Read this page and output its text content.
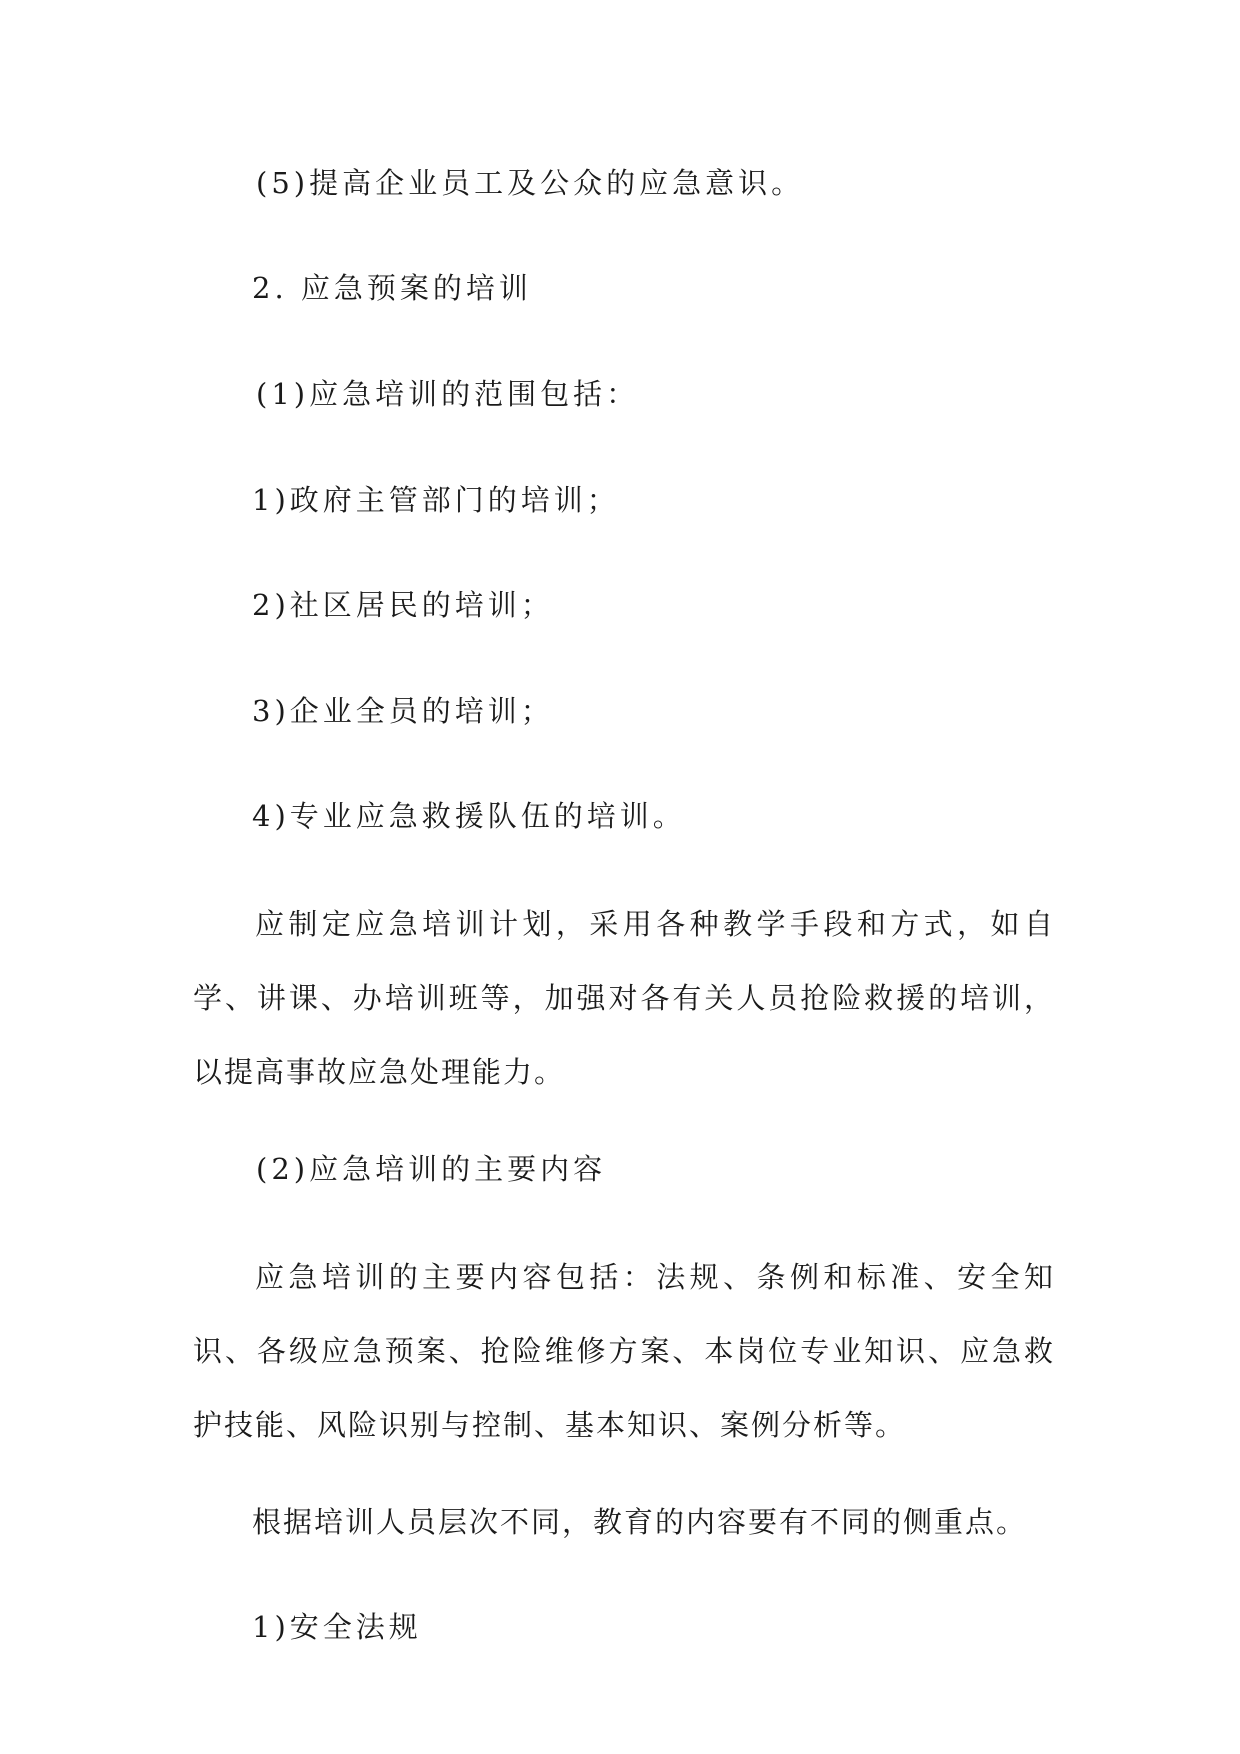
(5)提高企业员工及公众的应急意识。
2. 应急预案的培训
(1)应急培训的范围包括：
1)政府主管部门的培训；
2)社区居民的培训；
3)企业全员的培训；
4)专业应急救援队伍的培训。
应制定应急培训计划，采用各种教学手段和方式，如自学、讲课、办培训班等，加强对各有关人员抢险救援的培训，以提高事故应急处理能力。
(2)应急培训的主要内容
应急培训的主要内容包括：法规、条例和标准、安全知识、各级应急预案、抢险维修方案、本岗位专业知识、应急救护技能、风险识别与控制、基本知识、案例分析等。
根据培训人员层次不同，教育的内容要有不同的侧重点。
1)安全法规
